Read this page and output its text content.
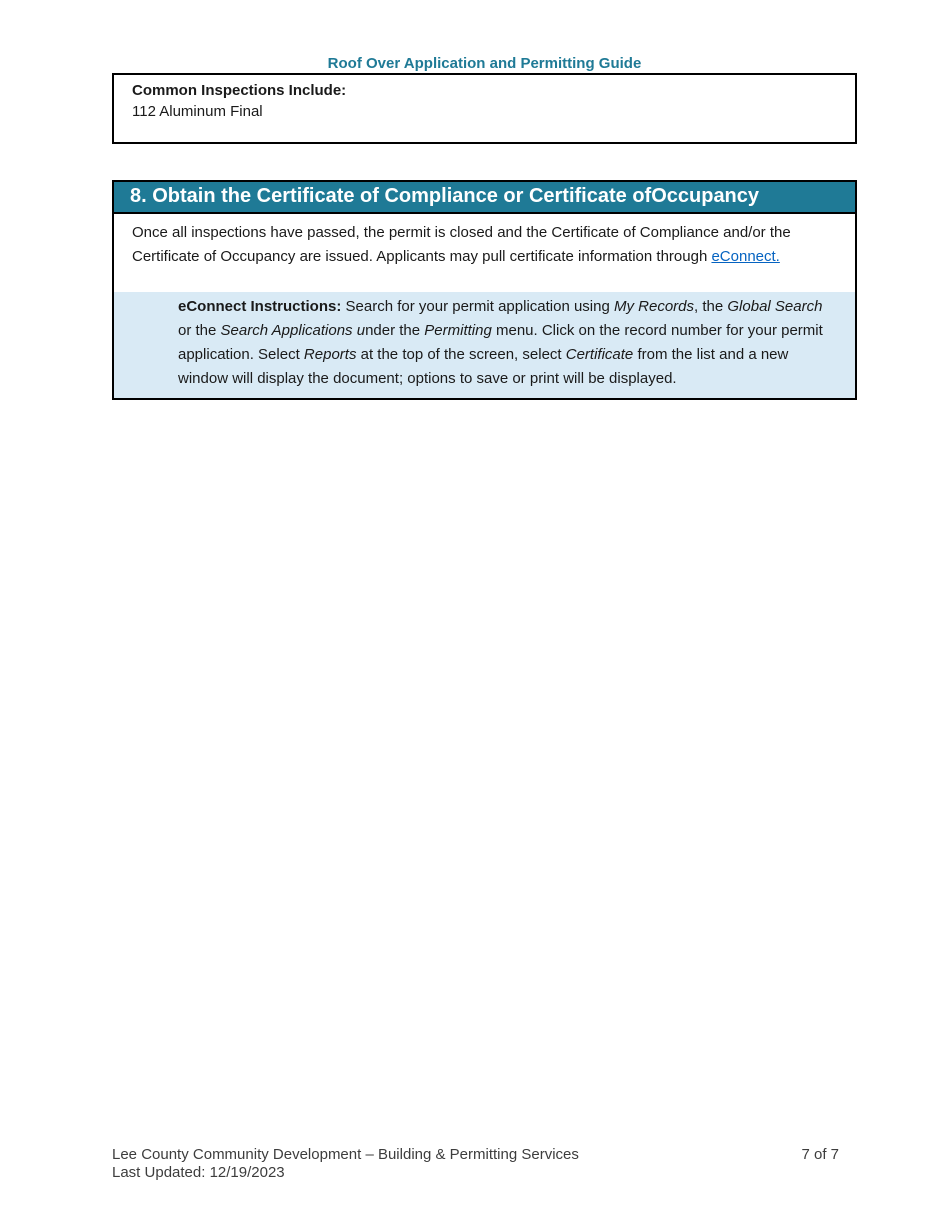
Roof Over Application and Permitting Guide
Common Inspections Include:
112 Aluminum Final
8. Obtain the Certificate of Compliance or Certificate ofOccupancy
Once all inspections have passed, the permit is closed and the Certificate of Compliance and/or the Certificate of Occupancy are issued. Applicants may pull certificate information through eConnect.
eConnect Instructions: Search for your permit application using My Records, the Global Search or the Search Applications under the Permitting menu. Click on the record number for your permit application. Select Reports at the top of the screen, select Certificate from the list and a new window will display the document; options to save or print will be displayed.
Lee County Community Development – Building & Permitting Services	7 of 7
Last Updated: 12/19/2023
